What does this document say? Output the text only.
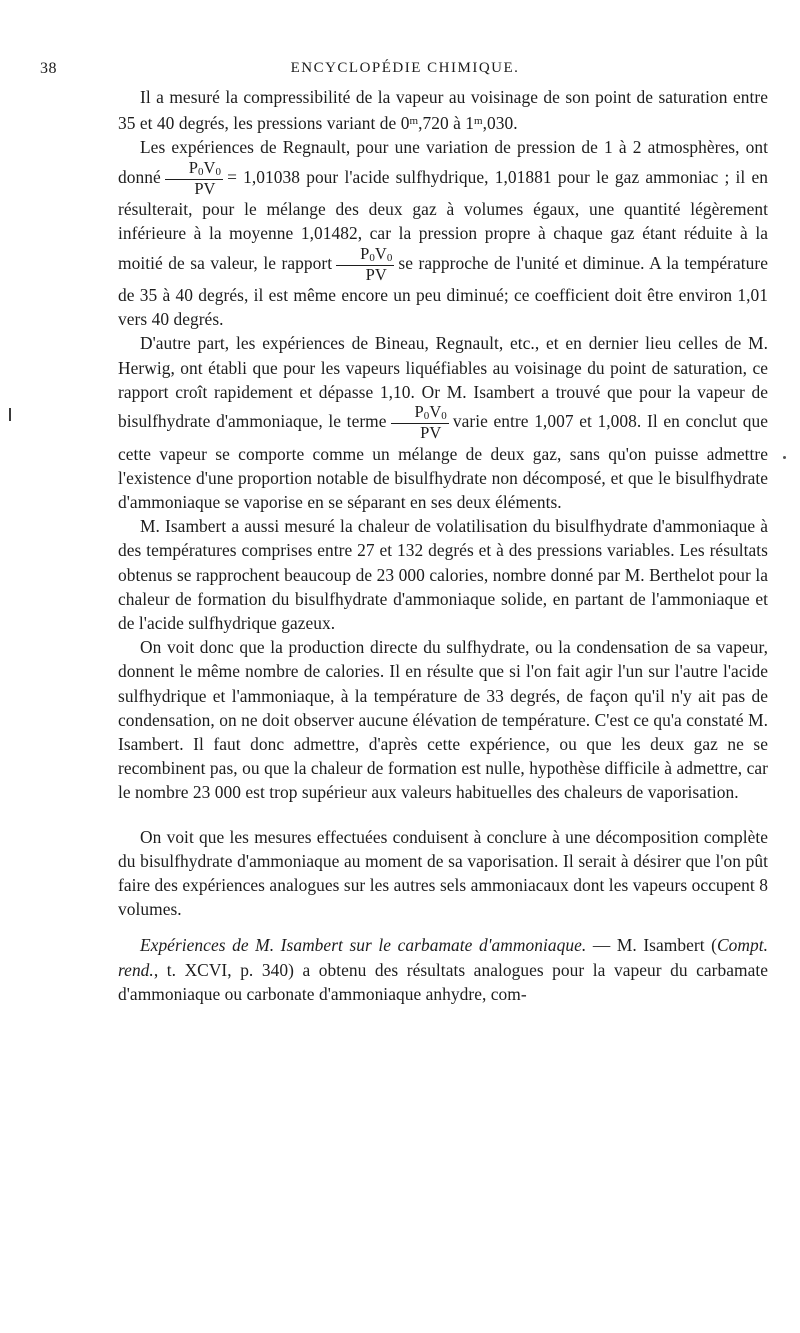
38	ENCYCLOPÉDIE CHIMIQUE.

Il a mesuré la compressibilité de la vapeur au voisinage de son point de saturation entre 35 et 40 degrés, les pressions variant de 0$^m$,720 à 1$^m$,030.

Les expériences de Regnault, pour une variation de pression de 1 à 2 atmosphères, ont donné $\frac{P0V0}{PV} = 1,01038$ pour l'acide sulfhydrique, 1,01881 pour le gaz ammoniac ; il en résulterait, pour le mélange des deux gaz à volumes égaux, une quantité légèrement inférieure à la moyenne 1,01482, car la pression propre à chaque gaz étant réduite à la moitié de sa valeur, le rapport $\frac{P0V0}{PV}$ se rapproche de l'unité et diminue. A la température de 35 à 40 degrés, il est même encore un peu diminué; ce coefficient doit être environ 1,01 vers 40 degrés.

D'autre part, les expériences de Bineau, Regnault, etc., et en dernier lieu celles de M. Herwig, ont établi que pour les vapeurs liquéfiables au voisinage du point de saturation, ce rapport croît rapidement et dépasse 1,10. Or M. Isambert a trouvé que pour la vapeur de bisulfhydrate d'ammoniaque, le terme $\frac{P0V0}{PV}$ varie entre 1,007 et 1,008. Il en conclut que cette vapeur se comporte comme un mélange de deux gaz, sans qu'on puisse admettre l'existence d'une proportion notable de bisulfhydrate non décomposé, et que le bisulfhydrate d'ammoniaque se vaporise en se séparant en ses deux éléments.

M. Isambert a aussi mesuré la chaleur de volatilisation du bisulfhydrate d'ammoniaque à des températures comprises entre 27 et 132 degrés et à des pressions variables. Les résultats obtenus se rapprochent beaucoup de 23 000 calories, nombre donné par M. Berthelot pour la chaleur de formation du bisulfhydrate d'ammoniaque solide, en partant de l'ammoniaque et de l'acide sulfhydrique gazeux.

On voit donc que la production directe du sulfhydrate, ou la condensation de sa vapeur, donnent le même nombre de calories. Il en résulte que si l'on fait agir l'un sur l'autre l'acide sulfhydrique et l'ammoniaque, à la température de 33 degrés, de façon qu'il n'y ait pas de condensation, on ne doit observer aucune élévation de température. C'est ce qu'a constaté M. Isambert. Il faut donc admettre, d'après cette expérience, ou que les deux gaz ne se recombinent pas, ou que la chaleur de formation est nulle, hypothèse difficile à admettre, car le nombre 23 000 est trop supérieur aux valeurs habituelles des chaleurs de vaporisation.

On voit que les mesures effectuées conduisent à conclure à une décomposition complète du bisulfhydrate d'ammoniaque au moment de sa vaporisation. Il serait à désirer que l'on pût faire des expériences analogues sur les autres sels ammoniacaux dont les vapeurs occupent 8 volumes.

Expériences de M. Isambert sur le carbamate d'ammoniaque. — M. Isambert (Compt. rend., t. XCVI, p. 340) a obtenu des résultats analogues pour la vapeur du carbamate d'ammoniaque ou carbonate d'ammoniaque anhydre, com-
